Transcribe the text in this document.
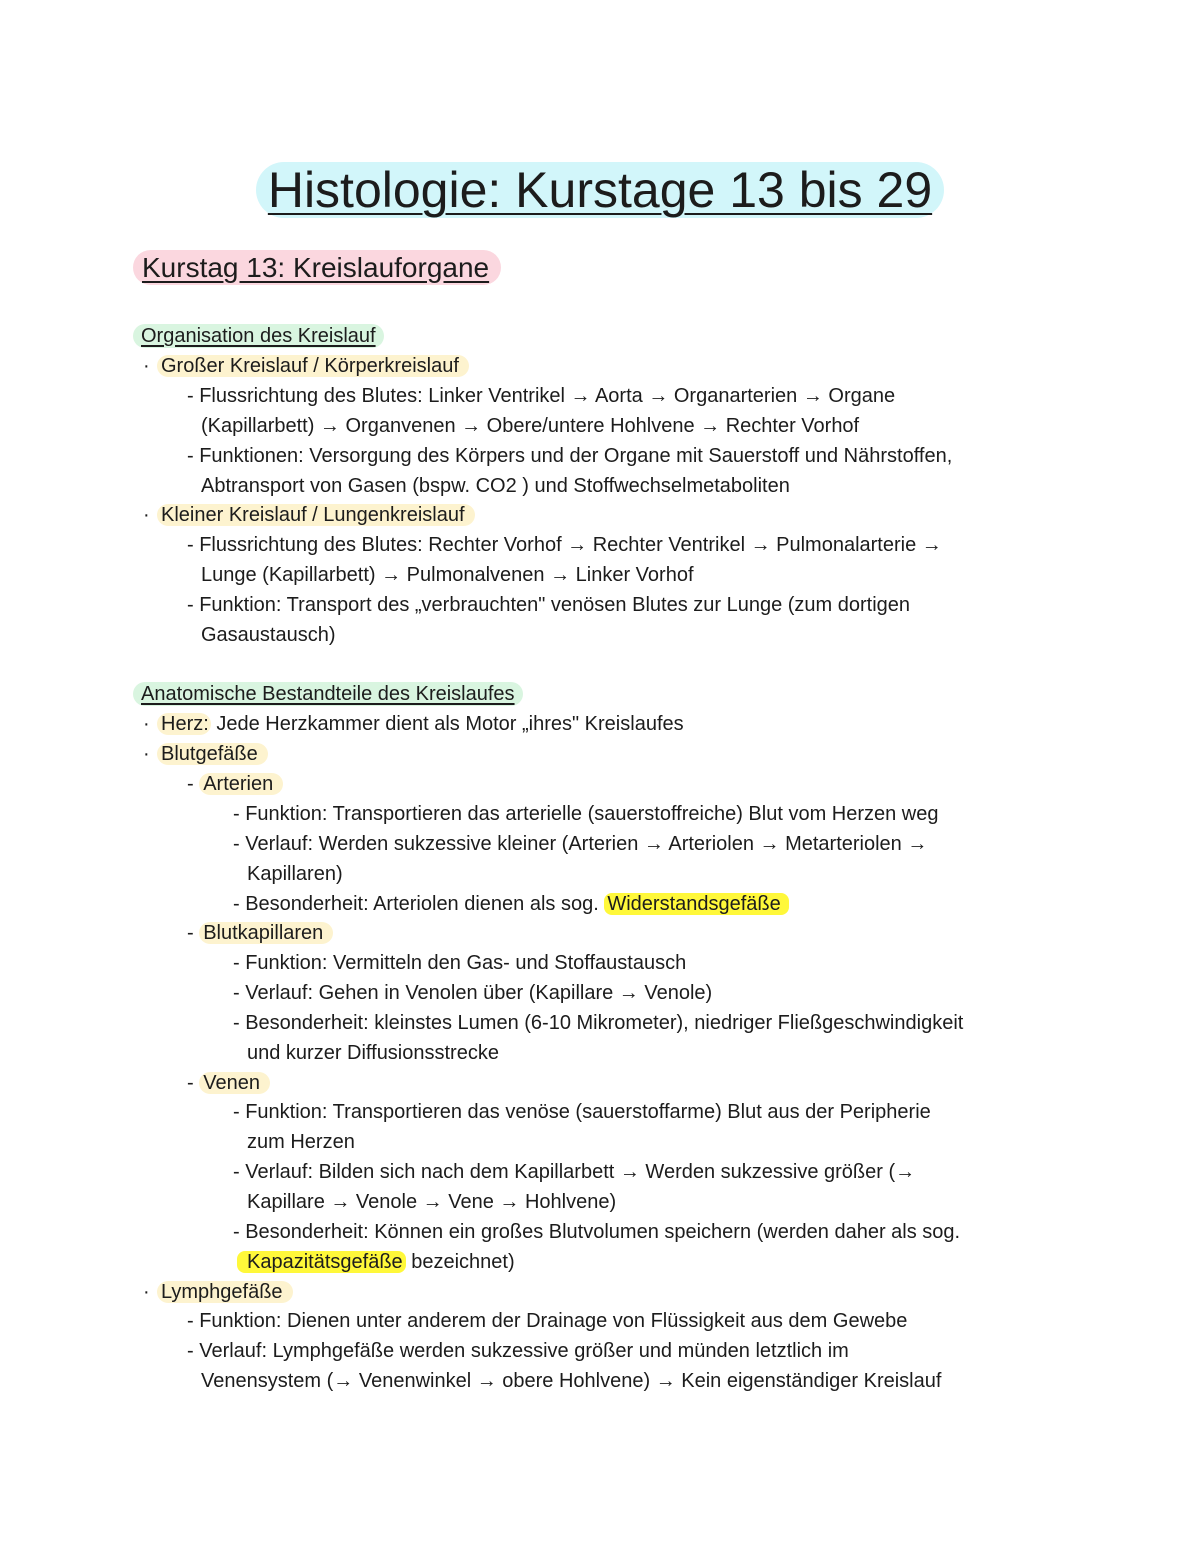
Histologie: Kurstage 13 bis 29
Kurstag 13: Kreislauforgane
Organisation des Kreislauf
· Großer Kreislauf / Körperkreislauf
- Flussrichtung des Blutes: Linker Ventrikel → Aorta → Organarterien → Organe
(Kapillarbett) → Organvenen → Obere/untere Hohlvene → Rechter Vorhof
- Funktionen: Versorgung des Körpers und der Organe mit Sauerstoff und Nährstoffen,
Abtransport von Gasen (bspw. CO2 ) und Stoffwechselmetaboliten
· Kleiner Kreislauf / Lungenkreislauf
- Flussrichtung des Blutes: Rechter Vorhof → Rechter Ventrikel → Pulmonalarterie →
Lunge (Kapillarbett) → Pulmonalvenen → Linker Vorhof
- Funktion: Transport des „verbrauchten" venösen Blutes zur Lunge (zum dortigen
Gasaustausch)
Anatomische Bestandteile des Kreislaufes
· Herz: Jede Herzkammer dient als Motor „ihres" Kreislaufes
· Blutgefäße
- Arterien
- Funktion: Transportieren das arterielle (sauerstoffreiche) Blut vom Herzen weg
- Verlauf: Werden sukzessive kleiner (Arterien → Arteriolen → Metarteriolen →
Kapillaren)
- Besonderheit: Arteriolen dienen als sog. Widerstandsgefäße
- Blutkapillaren
- Funktion: Vermitteln den Gas- und Stoffaustausch
- Verlauf: Gehen in Venolen über (Kapillare → Venole)
- Besonderheit: kleinstes Lumen (6-10 Mikrometer), niedriger Fließgeschwindigkeit
und kurzer Diffusionsstrecke
- Venen
- Funktion: Transportieren das venöse (sauerstoffarme) Blut aus der Peripherie
zum Herzen
- Verlauf: Bilden sich nach dem Kapillarbett → Werden sukzessive größer (→
Kapillare → Venole → Vene → Hohlvene)
- Besonderheit: Können ein großes Blutvolumen speichern (werden daher als sog.
Kapazitätsgefäße bezeichnet)
· Lymphgefäße
- Funktion: Dienen unter anderem der Drainage von Flüssigkeit aus dem Gewebe
- Verlauf: Lymphgefäße werden sukzessive größer und münden letztlich im
Venensystem (→ Venenwinkel → obere Hohlvene) → Kein eigenständiger Kreislauf
